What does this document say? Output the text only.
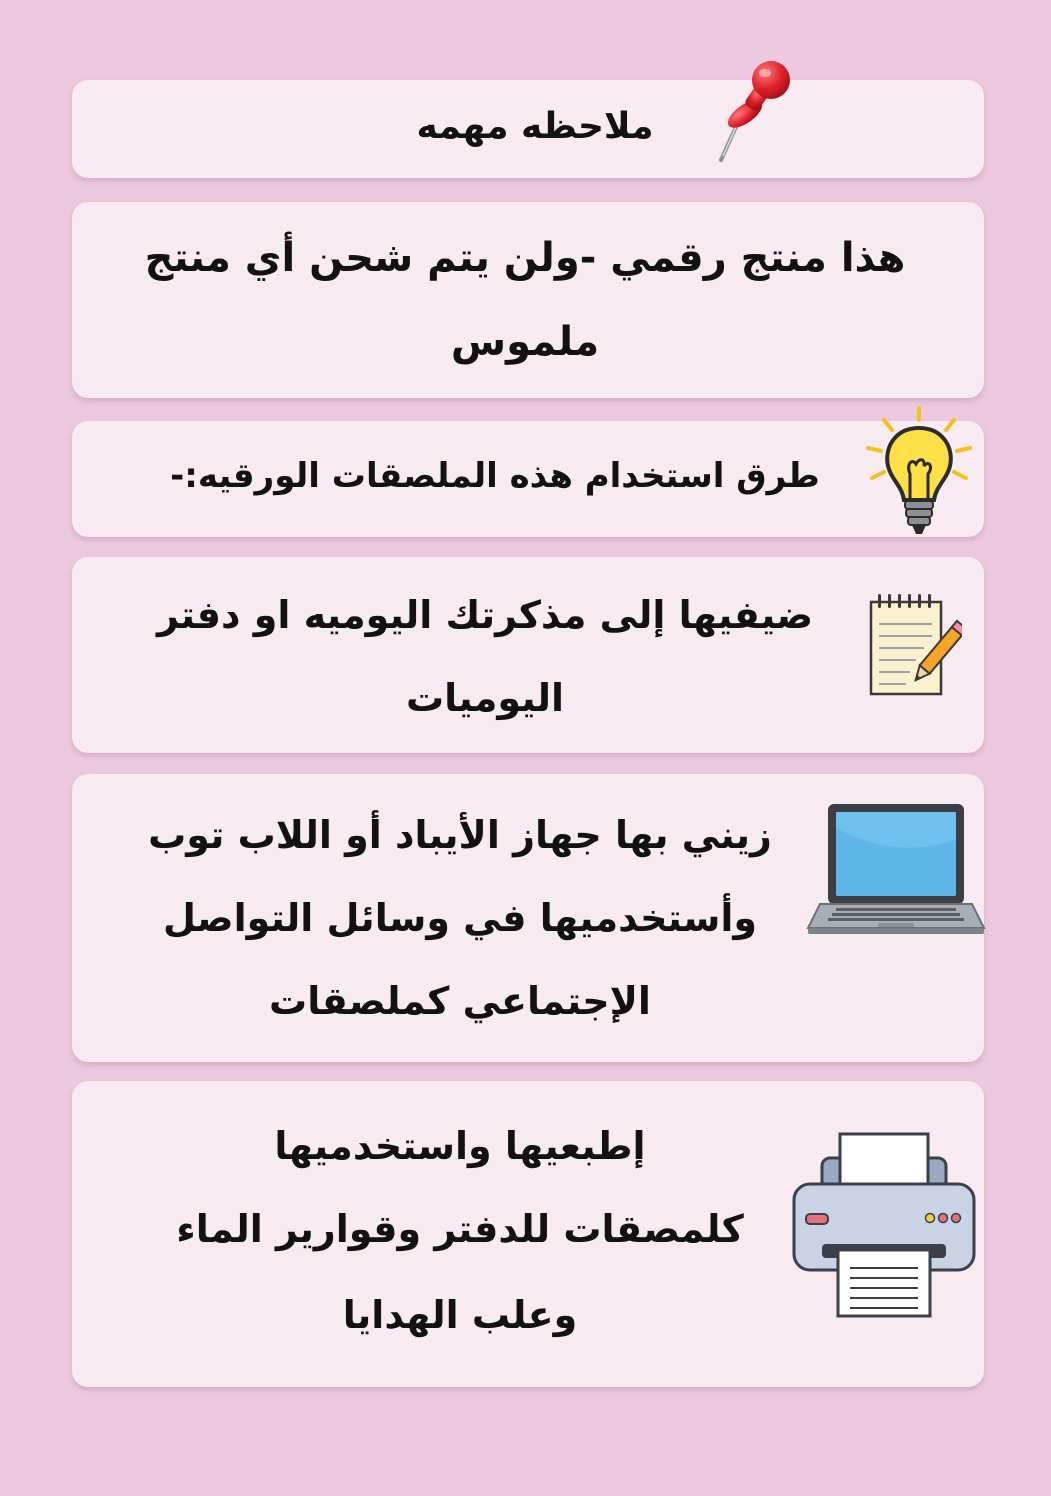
ملاحظه مهمه
هذا منتج رقمي -ولن يتم شحن أي منتج
ملموس
طرق استخدام هذه الملصقات الورقيه:-
ضيفيها إلى مذكرتك اليوميه او دفتر
اليوميات
زيني بها جهاز الأيباد أو اللاب توب
وأستخدميها في وسائل التواصل
الإجتماعي كملصقات
إطبعيها واستخدميها
كلمصقات للدفتر وقوارير الماء
وعلب الهدايا
